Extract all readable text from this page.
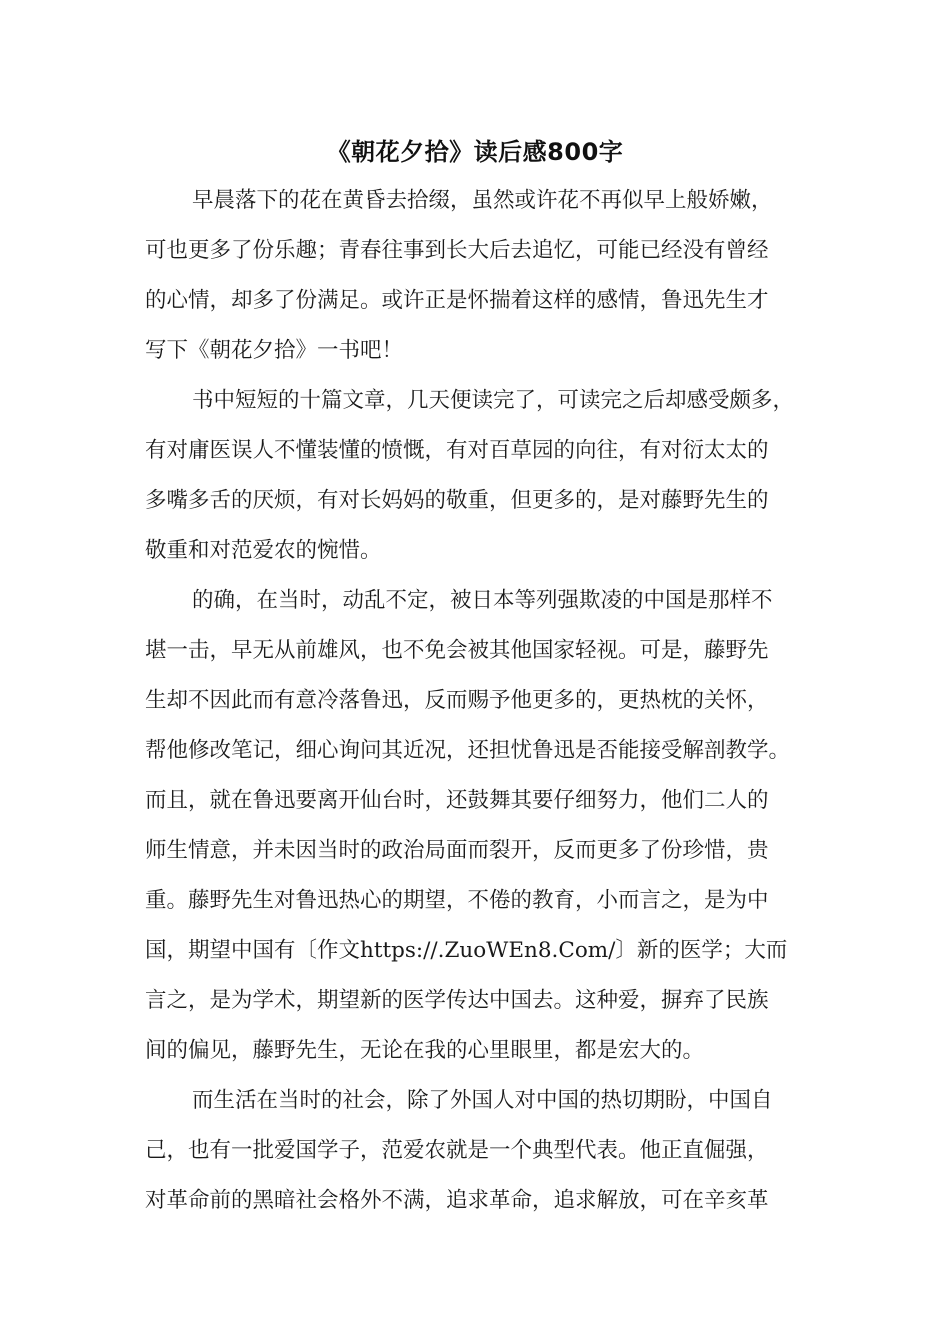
《朝花夕拾》读后感800字
早晨落下的花在黄昏去拾缀，虽然或许花不再似早上般娇嫩，
可也更多了份乐趣；青春往事到长大后去追忆，可能已经没有曾经
的心情，却多了份满足。或许正是怀揣着这样的感情，鲁迅先生才
写下《朝花夕拾》一书吧！
书中短短的十篇文章，几天便读完了，可读完之后却感受颇多，
有对庸医误人不懂装懂的愤慨，有对百草园的向往，有对衍太太的
多嘴多舌的厌烦，有对长妈妈的敬重，但更多的，是对藤野先生的
敬重和对范爱农的惋惜。
的确，在当时，动乱不定，被日本等列强欺凌的中国是那样不
堪一击，早无从前雄风，也不免会被其他国家轻视。可是，藤野先
生却不因此而有意冷落鲁迅，反而赐予他更多的，更热枕的关怀，
帮他修改笔记，细心询问其近况，还担忧鲁迅是否能接受解剖教学。
而且，就在鲁迅要离开仙台时，还鼓舞其要仔细努力，他们二人的
师生情意，并未因当时的政治局面而裂开，反而更多了份珍惜，贵
重。藤野先生对鲁迅热心的期望，不倦的教育，小而言之，是为中
国，期望中国有〔作文https://.ZuoWEn8.Com/〕新的医学；大而
言之，是为学术，期望新的医学传达中国去。这种爱，摒弃了民族
间的偏见，藤野先生，无论在我的心里眼里，都是宏大的。
而生活在当时的社会，除了外国人对中国的热切期盼，中国自
己，也有一批爱国学子，范爱农就是一个典型代表。他正直倔强，
对革命前的黑暗社会格外不满，追求革命，追求解放，可在辛亥革
